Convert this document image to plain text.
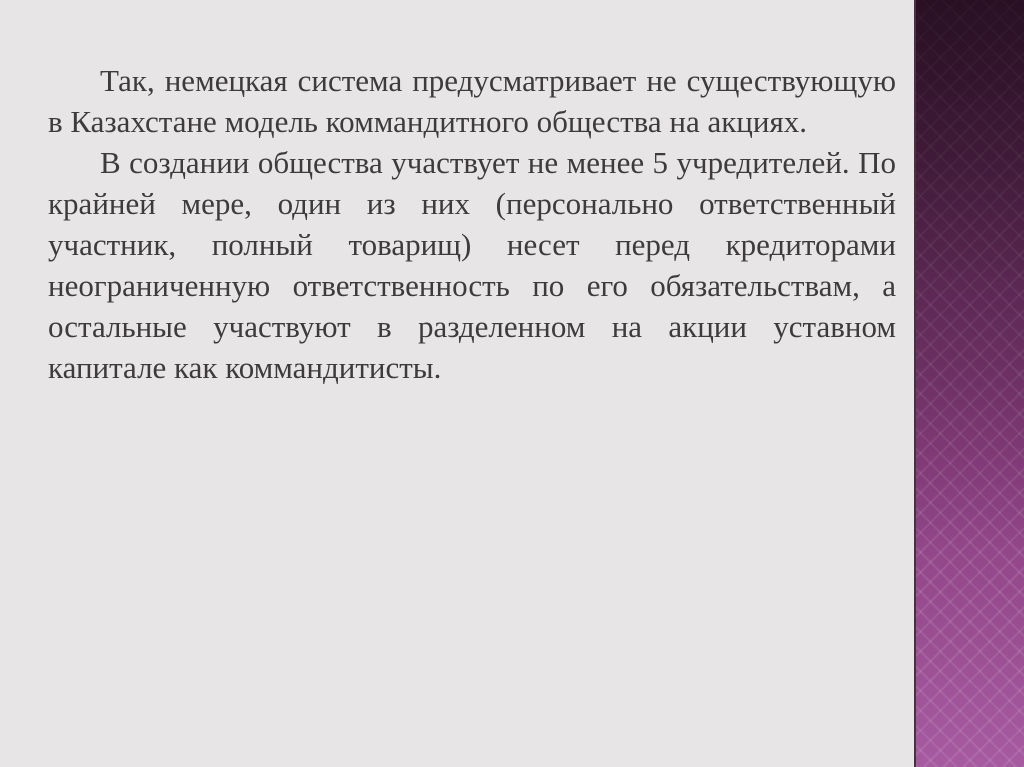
Так, немецкая система предусматривает не существующую в Казахстане модель коммандитного общества на акциях.

В создании общества участвует не менее 5 учредителей. По крайней мере, один из них (персонально ответственный участник, полный товарищ) несет перед кредиторами неограниченную ответственность по его обязательствам, а остальные участвуют в разделенном на акции уставном капитале как коммандитисты.
